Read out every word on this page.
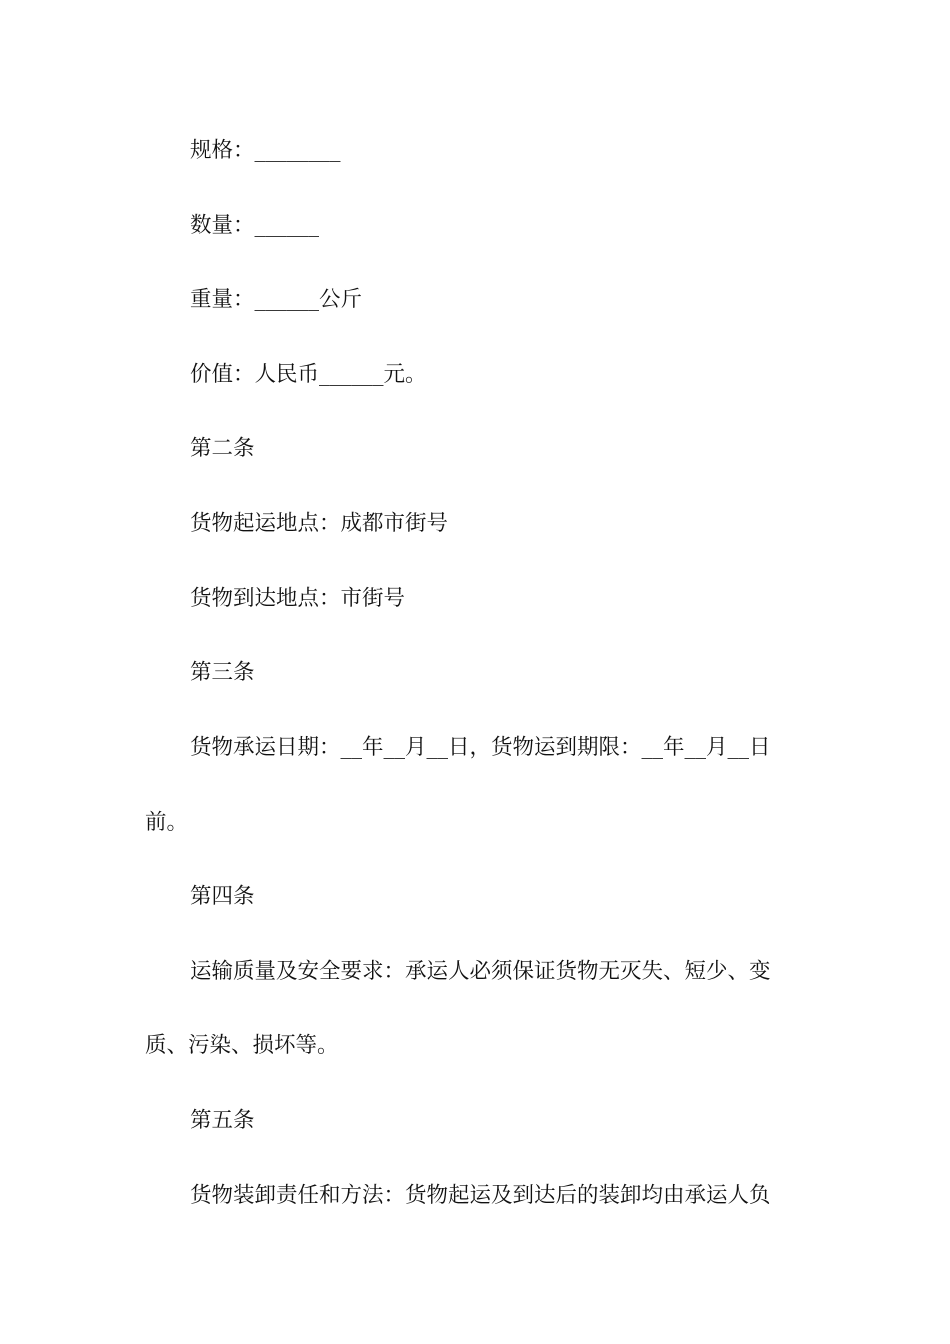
规格：________
数量：______
重量：______公斤
价值：人民币______元。
第二条
货物起运地点：成都市街号
货物到达地点：市街号
第三条
货物承运日期：__年__月__日，货物运到期限：__年__月__日
前。
第四条
运输质量及安全要求：承运人必须保证货物无灭失、短少、变
质、污染、损坏等。
第五条
货物装卸责任和方法：货物起运及到达后的装卸均由承运人负
